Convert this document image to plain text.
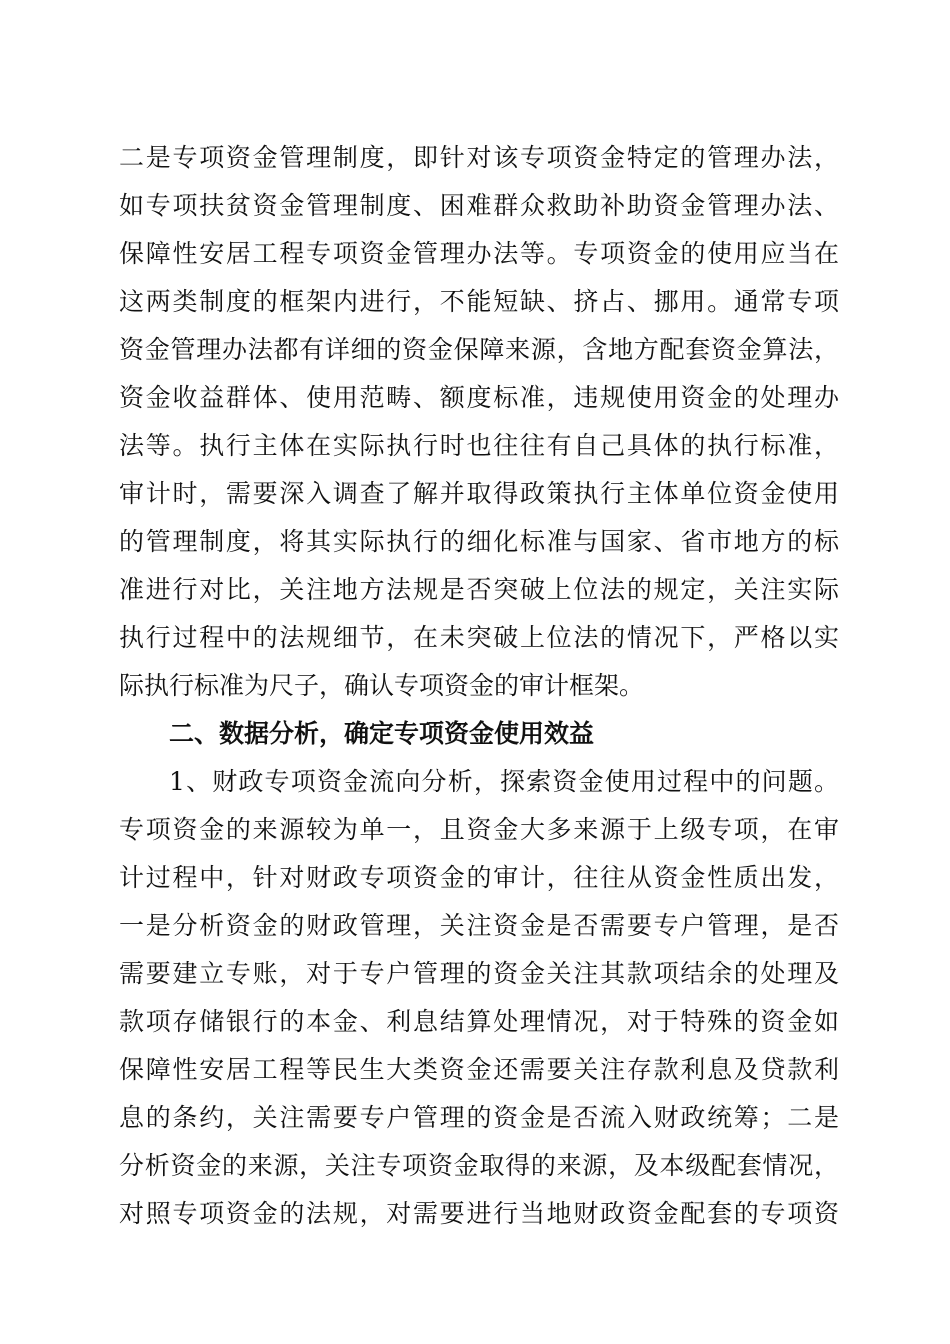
二是专项资金管理制度，即针对该专项资金特定的管理办法，
如专项扶贫资金管理制度、困难群众救助补助资金管理办法、
保障性安居工程专项资金管理办法等。专项资金的使用应当在
这两类制度的框架内进行，不能短缺、挤占、挪用。通常专项
资金管理办法都有详细的资金保障来源，含地方配套资金算法，
资金收益群体、使用范畴、额度标准，违规使用资金的处理办
法等。执行主体在实际执行时也往往有自己具体的执行标准，
审计时，需要深入调查了解并取得政策执行主体单位资金使用
的管理制度，将其实际执行的细化标准与国家、省市地方的标
准进行对比，关注地方法规是否突破上位法的规定，关注实际
执行过程中的法规细节，在未突破上位法的情况下，严格以实
际执行标准为尺子，确认专项资金的审计框架。
二、数据分析，确定专项资金使用效益
1、财政专项资金流向分析，探索资金使用过程中的问题。
专项资金的来源较为单一，且资金大多来源于上级专项，在审
计过程中，针对财政专项资金的审计，往往从资金性质出发，
一是分析资金的财政管理，关注资金是否需要专户管理，是否
需要建立专账，对于专户管理的资金关注其款项结余的处理及
款项存储银行的本金、利息结算处理情况，对于特殊的资金如
保障性安居工程等民生大类资金还需要关注存款利息及贷款利
息的条约，关注需要专户管理的资金是否流入财政统筹；二是
分析资金的来源，关注专项资金取得的来源，及本级配套情况，
对照专项资金的法规，对需要进行当地财政资金配套的专项资
